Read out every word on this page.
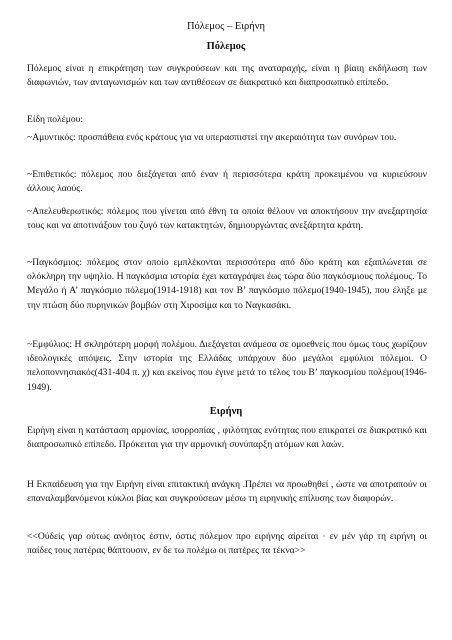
Πόλεμος – Ειρήνη
Πόλεμος

Πόλεμος είναι η επικράτηση των συγκρούσεων και της αναταραχής, είναι η βίαιη εκδήλωση των διαφωνιών, των ανταγωνισμών και των αντιθέσεων σε διακρατικό και διαπροσωπικό επίπεδο.

Είδη πολέμου:

~Αμυντικός: προσπάθεια ενός κράτους για να υπερασπιστεί την ακεραιότητα των συνόρων του.

~Επιθετικός: πόλεμος που διεξάγεται από έναν ή περισσότερα κράτη προκειμένου να κυριεύσουν άλλους λαούς.

~Απελευθερωτικός: πόλεμος που γίνεται από έθνη τα οποία θέλουν να αποκτήσουν την ανεξαρτησία τους και να αποτινάξουν του ζυγό των κατακτητών, δημιουργώντας ανεξάρτητα κράτη.

~Παγκόσμιος: πόλεμος στον οποίο εμπλέκονται περισσότερα από δύο κράτη και εξαπλώνεται σε ολόκληρη την υψηλίο. Η παγκόσμια ιστορία έχει καταγράψει έως τώρα δύο παγκόσμιους πολέμους. Το Μεγάλο ή Α’ παγκόσμιο πόλεμο(1914-1918) και τον Β’ παγκόσμιο πόλεμο(1940-1945), που έληξε με την πτώση δύο πυρηνικών βομβών στη Χιροσίμα και το Ναγκασάκι.

~Εμφύλιος: Η σκληρότερη μορφή πολέμου. Διεξάγεται ανάμεσα σε ομοεθνείς που όμως τους χωρίζουν ιδεολογικές απόψεις. Στην ιστορία της Ελλάδας υπάρχουν δύο μεγάλοι εμφύλιοι πόλεμοι. Ο πελοποννησιακός(431-404 π. χ) και εκείνος που έγινε μετά το τέλος του Β’ παγκοσμίου πολέμου(1946-1949).

Ειρήνη

Ειρήνη είναι η κατάσταση αρμονίας, ισορροπίας , φιλότητας ενότητας που επικρατεί σε διακρατικό και διαπροσωπικό επίπεδο. Πρόκειται για την αρμονική συνύπαρξη ατόμων και λαών.

Η Εκπαίδευση για την Ειρήνη είναι επιτακτική ανάγκη .Πρέπει να προωθηθεί , ώστε να αποτραπούν οι επαναλαμβανόμενοι κύκλοι βίας και συγκρούσεων μέσω τη ειρηνικής επίλυσης των διαφορών.

<<Ούδείς γαρ ούτως ανόητος έστιν, όστις πόλεμον προ ειρήνης αίρείται · εν μέν γάρ τη ειρήνη οι παίδες τους πατέρας θάπτουσιν, εν δε τω πολέμω οι πατέρες τα τέκνα>>
